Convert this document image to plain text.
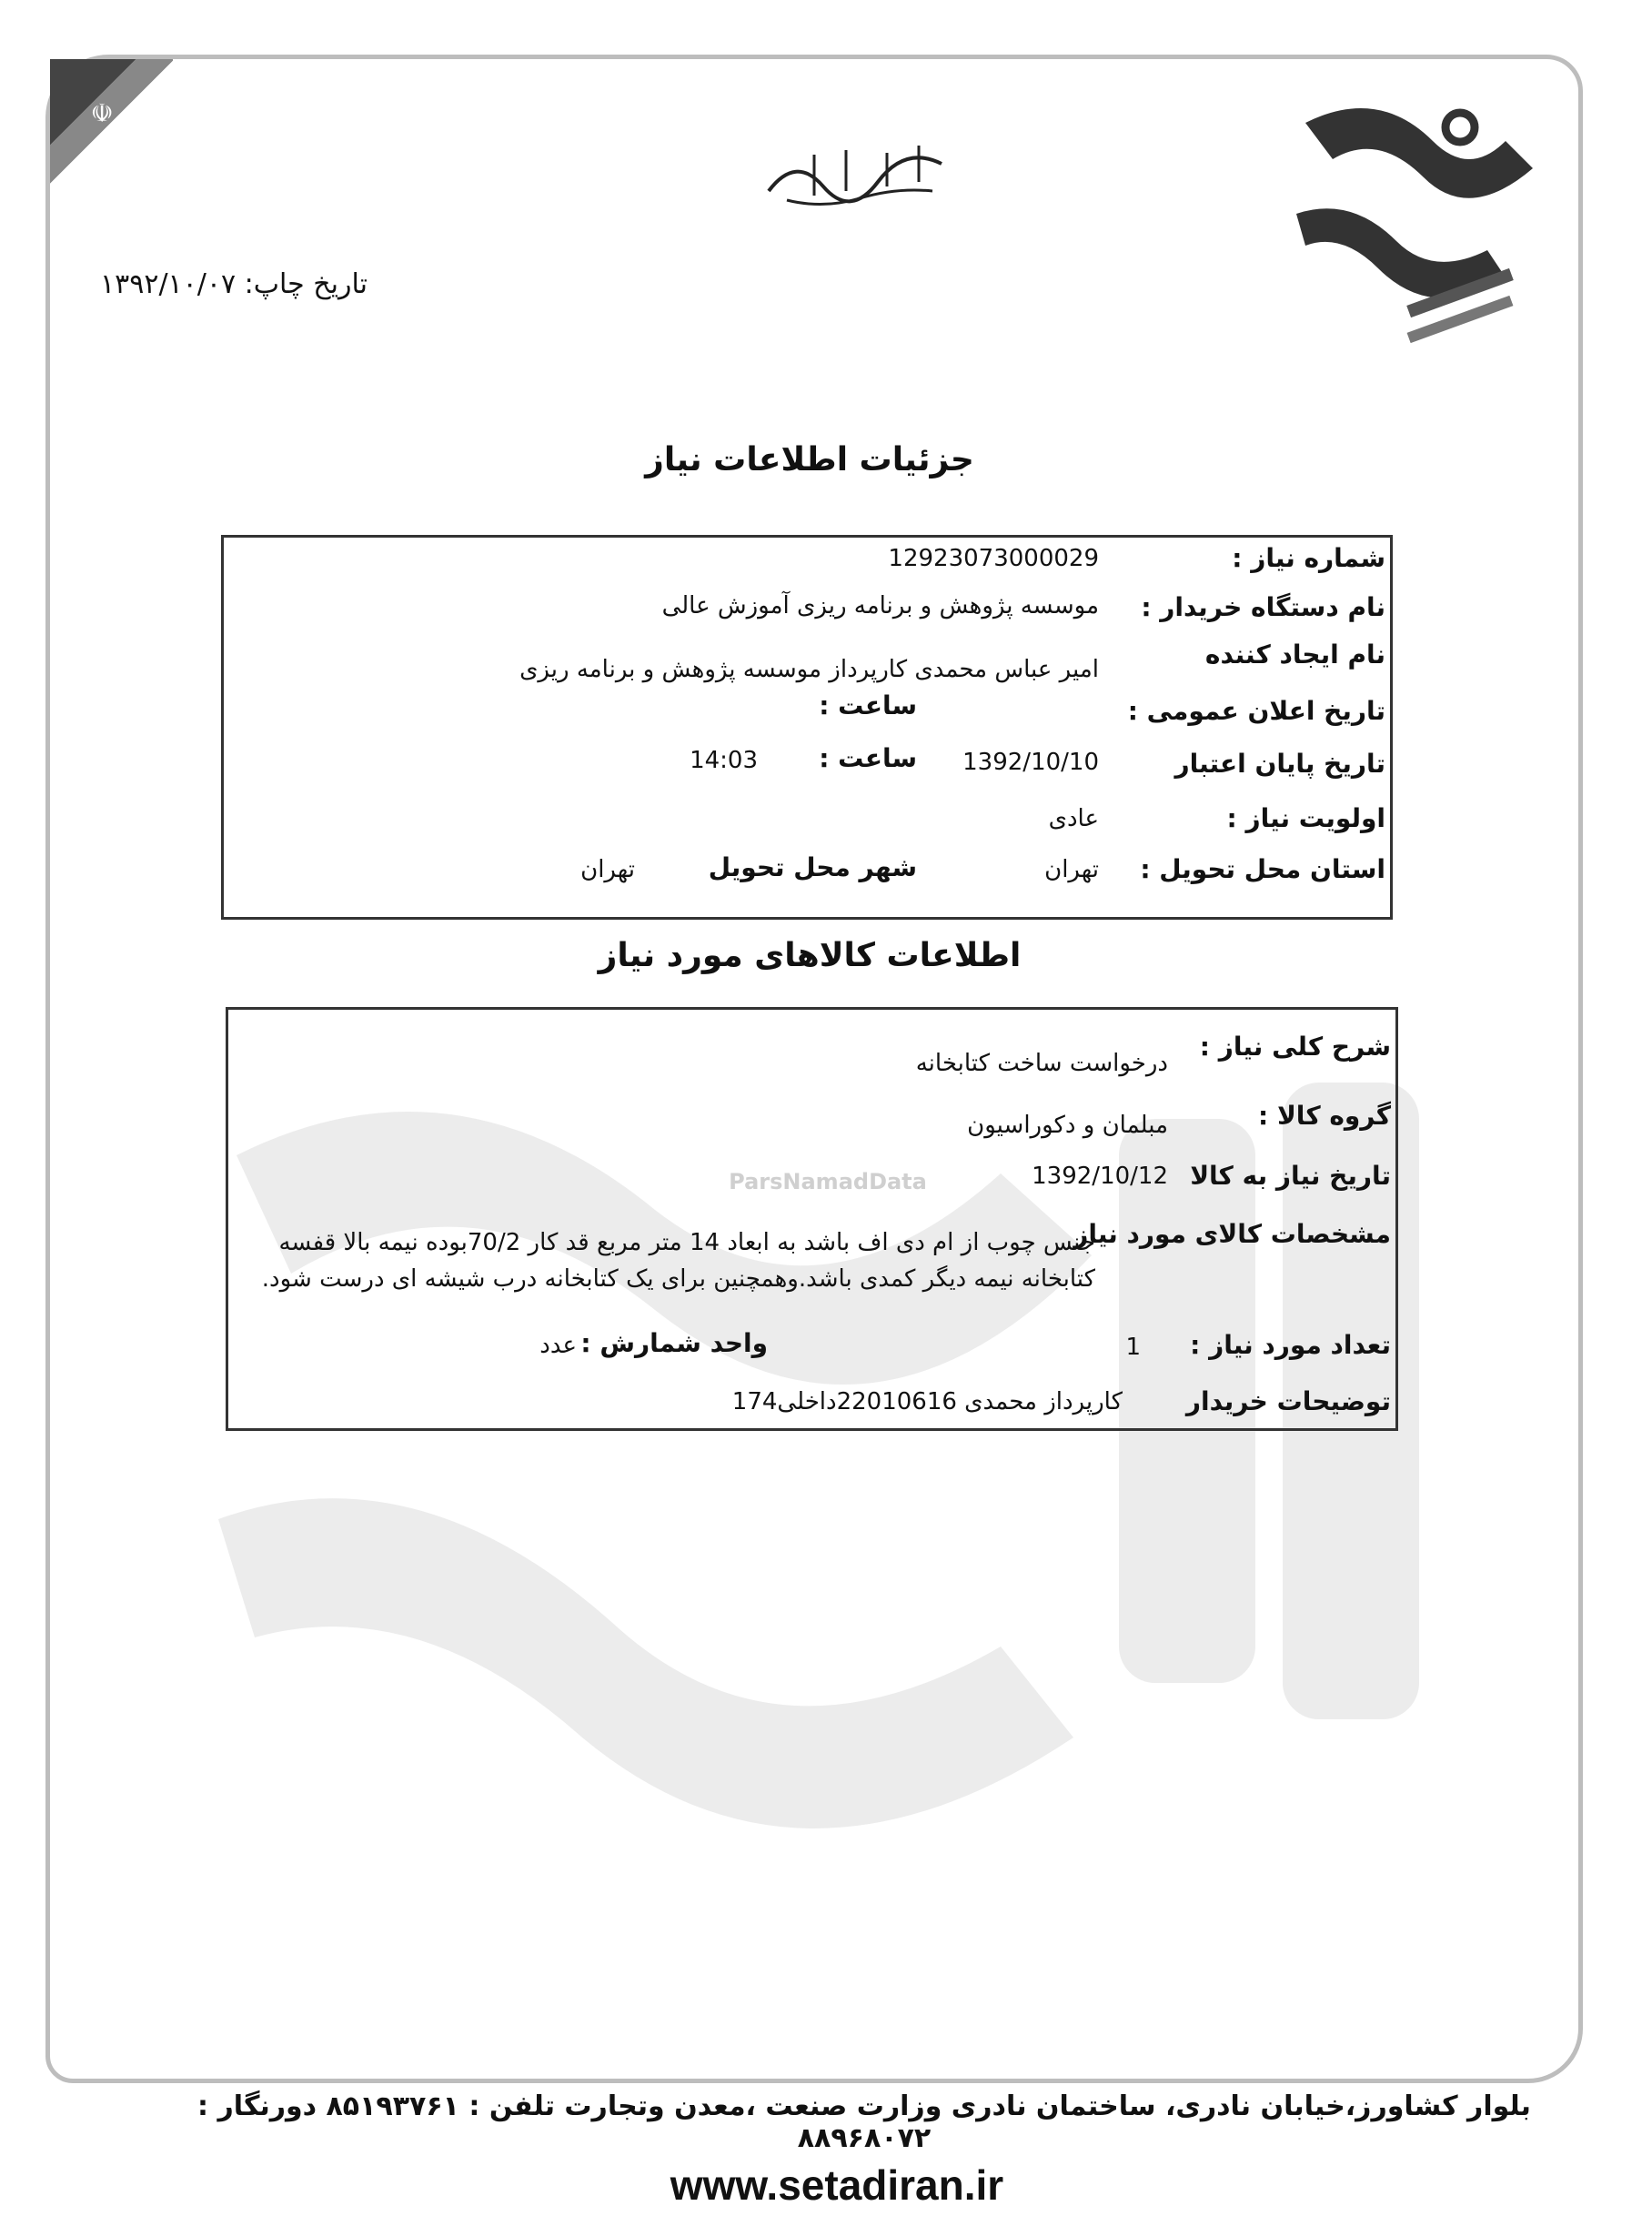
☫
تاریخ چاپ: ۱۳۹۲/۱۰/۰۷
ParsNamadData
جزئیات اطلاعات نیاز
شماره نیاز :
12923073000029
نام دستگاه خریدار :
موسسه پژوهش و برنامه ریزی آموزش عالی
نام ایجاد کننده
امیر عباس محمدی کارپرداز موسسه پژوهش و برنامه ریزی
تاریخ اعلان عمومی :
ساعت :
تاریخ پایان اعتبار
1392/10/10
ساعت :
14:03
اولویت نیاز :
عادی
استان محل تحویل :
تهران
شهر محل تحویل
تهران
اطلاعات کالاهای مورد نیاز
شرح کلی نیاز :
درخواست ساخت کتابخانه
گروه کالا :
مبلمان و دکوراسیون
تاریخ نیاز به کالا
1392/10/12
مشخصات کالای مورد نیاز
جنس چوب از ام دی اف باشد به ابعاد 14 متر مربع قد کار 70/2بوده نیمه بالا قفسه کتابخانه نیمه دیگر کمدی باشد.وهمچنین برای یک کتابخانه درب شیشه ای درست شود.
تعداد مورد نیاز :
1
واحد شمارش :
عدد
توضیحات خریدار
کارپرداز محمدی 22010616داخلی174
بلوار کشاورز،خیابان نادری، ساختمان نادری وزارت صنعت ،معدن وتجارت تلفن : ۸۵۱۹۳۷۶۱ دورنگار : ۸۸۹۶۸۰۷۲
www.setadiran.ir
